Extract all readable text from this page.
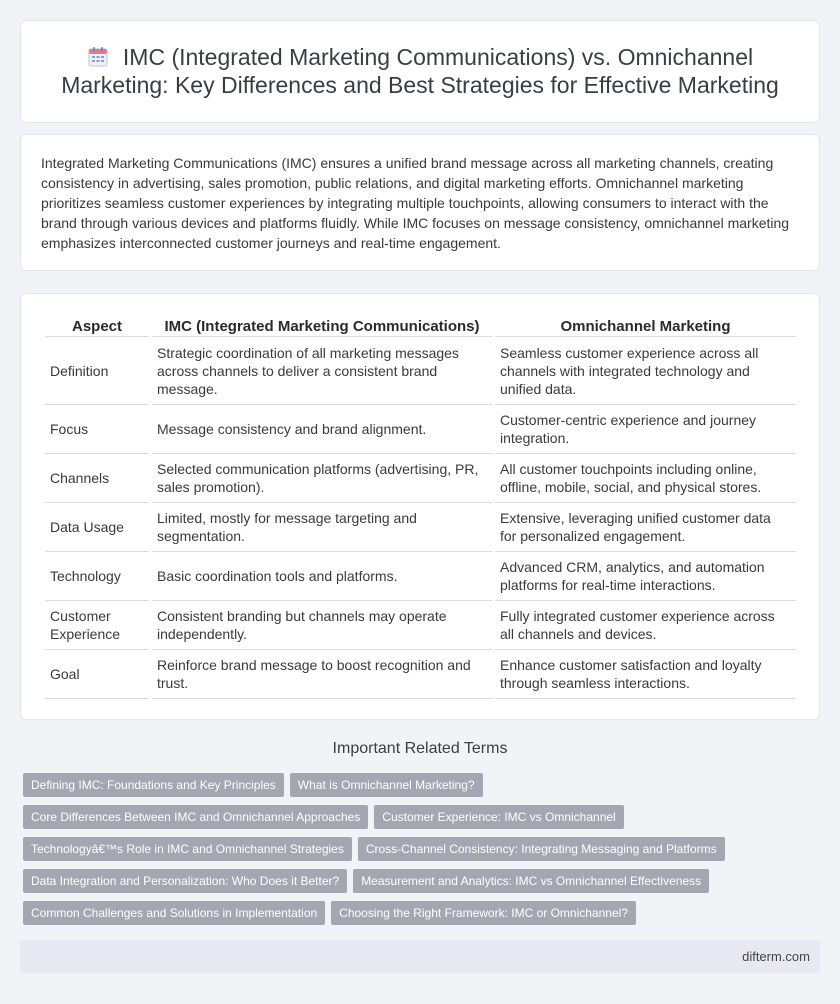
IMC (Integrated Marketing Communications) vs. Omnichannel Marketing: Key Differences and Best Strategies for Effective Marketing

Integrated Marketing Communications (IMC) ensures a unified brand message across all marketing channels, creating consistency in advertising, sales promotion, public relations, and digital marketing efforts. Omnichannel marketing prioritizes seamless customer experiences by integrating multiple touchpoints, allowing consumers to interact with the brand through various devices and platforms fluidly. While IMC focuses on message consistency, omnichannel marketing emphasizes interconnected customer journeys and real-time engagement.

Aspect	IMC (Integrated Marketing Communications)	Omnichannel Marketing
Definition	Strategic coordination of all marketing messages across channels to deliver a consistent brand message.	Seamless customer experience across all channels with integrated technology and unified data.
Focus	Message consistency and brand alignment.	Customer-centric experience and journey integration.
Channels	Selected communication platforms (advertising, PR, sales promotion).	All customer touchpoints including online, offline, mobile, social, and physical stores.
Data Usage	Limited, mostly for message targeting and segmentation.	Extensive, leveraging unified customer data for personalized engagement.
Technology	Basic coordination tools and platforms.	Advanced CRM, analytics, and automation platforms for real-time interactions.
Customer Experience	Consistent branding but channels may operate independently.	Fully integrated customer experience across all channels and devices.
Goal	Reinforce brand message to boost recognition and trust.	Enhance customer satisfaction and loyalty through seamless interactions.
Important Related Terms
Defining IMC: Foundations and Key Principles What is Omnichannel Marketing?
Core Differences Between IMC and Omnichannel Approaches Customer Experience: IMC vs Omnichannel
Technologyâ€™s Role in IMC and Omnichannel Strategies Cross-Channel Consistency: Integrating Messaging and Platforms
Data Integration and Personalization: Who Does it Better? Measurement and Analytics: IMC vs Omnichannel Effectiveness
Common Challenges and Solutions in Implementation Choosing the Right Framework: IMC or Omnichannel?
difterm.com
